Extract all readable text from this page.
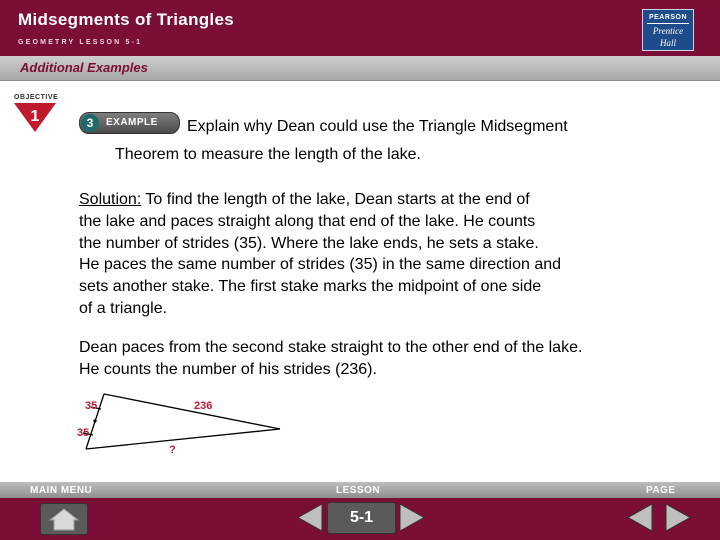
Midsegments of Triangles
GEOMETRY LESSON 5-1
PEARSON
Prentice
Hall
Additional Examples
OBJECTIVE
1	3	EXAMPLE Explain why Dean could use the Triangle Midsegment
Theorem to measure the length of the lake.
Solution: To find the length of the lake, Dean starts at the end of
the lake and paces straight along that end of the lake. He counts
the number of strides (35). Where the lake ends, he sets a stake.
He paces the same number of strides (35) in the same direction and
sets another stake. The first stake marks the midpoint of one side
of a triangle.
Dean paces from the second stake straight to the other end of the lake.
He counts the number of his strides (236).
35
35
236
?
MAIN MENU	LESSON	PAGE
5-1
